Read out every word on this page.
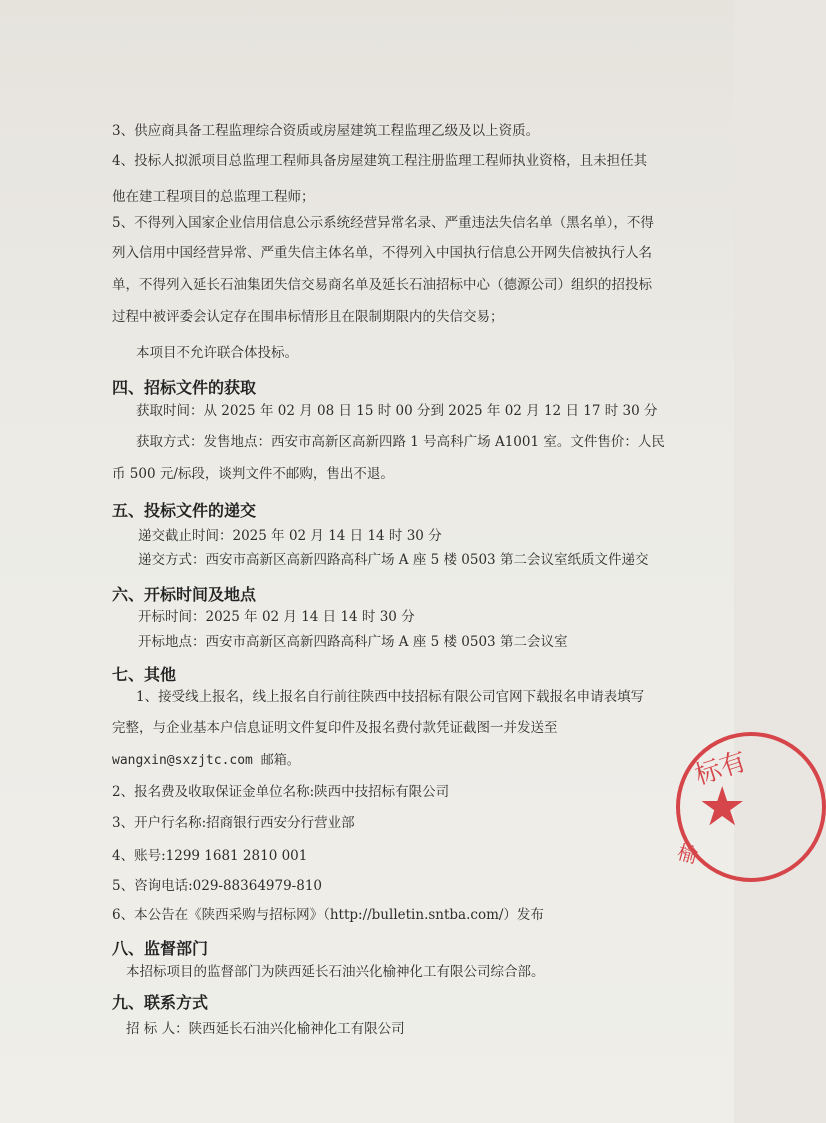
3、供应商具备工程监理综合资质或房屋建筑工程监理乙级及以上资质。
4、投标人拟派项目总监理工程师具备房屋建筑工程注册监理工程师执业资格，且未担任其
他在建工程项目的总监理工程师；
5、不得列入国家企业信用信息公示系统经营异常名录、严重违法失信名单（黑名单），不得
列入信用中国经营异常、严重失信主体名单，不得列入中国执行信息公开网失信被执行人名
单，不得列入延长石油集团失信交易商名单及延长石油招标中心（德源公司）组织的招投标
过程中被评委会认定存在围串标情形且在限制期限内的失信交易；
本项目不允许联合体投标。
四、招标文件的获取
获取时间：从 2025 年 02 月 08 日 15 时 00 分到 2025 年 02 月 12 日 17 时 30 分
获取方式：发售地点：西安市高新区高新四路 1 号高科广场 A1001 室。文件售价：人民
币 500 元/标段，谈判文件不邮购，售出不退。
五、投标文件的递交
递交截止时间：2025 年 02 月 14 日 14 时 30 分
递交方式：西安市高新区高新四路高科广场 A 座 5 楼 0503 第二会议室纸质文件递交
六、开标时间及地点
开标时间：2025 年 02 月 14 日 14 时 30 分
开标地点：西安市高新区高新四路高科广场 A 座 5 楼 0503 第二会议室
七、其他
1、接受线上报名，线上报名自行前往陕西中技招标有限公司官网下载报名申请表填写
完整，与企业基本户信息证明文件复印件及报名费付款凭证截图一并发送至
wangxin@sxzjtc.com 邮箱。
2、报名费及收取保证金单位名称:陕西中技招标有限公司
3、开户行名称:招商银行西安分行营业部
4、账号:1299 1681 2810 001
5、咨询电话:029-88364979-810
6、本公告在《陕西采购与招标网》（http://bulletin.sntba.com/）发布
八、监督部门
本招标项目的监督部门为陕西延长石油兴化榆神化工有限公司综合部。
九、联系方式
招 标 人：陕西延长石油兴化榆神化工有限公司
标有
★
榆
